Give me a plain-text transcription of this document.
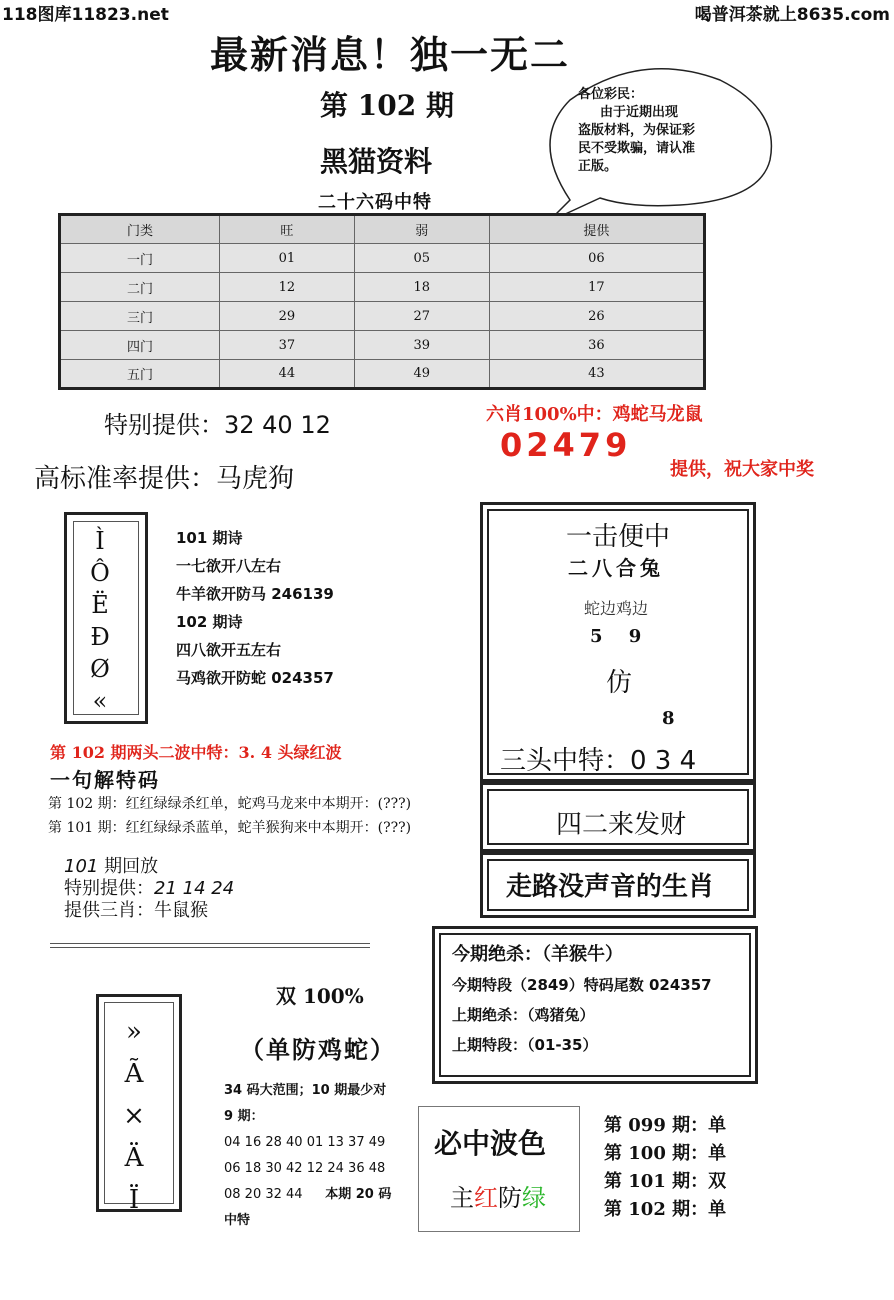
118图库11823.net	喝普洱茶就上8635.com
最新消息！独一无二
第 102 期
黑猫资料
二十六码中特
各位彩民：
由于近期出现
盗版材料，为保证彩
民不受欺骗，请认准
正版。
门类	旺	弱	提供
一门	01	05	06
二门	12	18	17
三门	29	27	26
四门	37	39	36
五门	44	49	43
特别提供：32 40 12	六肖100%中：鸡蛇马龙鼠
02479
提供，祝大家中奖
高标准率提供：马虎狗
Ì
Ô
Ë
Đ
Ø
«
101 期诗
一七欲开八左右
牛羊欲开防马 246139
102 期诗
四八欲开五左右
马鸡欲开防蛇 024357
第 102 期两头二波中特：3. 4 头绿红波
一句解特码
第 102 期：红红绿绿杀红单，蛇鸡马龙来中本期开：(???)
第 101 期：红红绿绿杀蓝单，蛇羊猴狗来中本期开：(???)
101 期回放
特别提供：21 14 24
提供三肖：牛鼠猴
一击便中
二八合兔
蛇边鸡边
5 9
仿
8
三头中特：0 3 4
四二来发财
走路没声音的生肖
今期绝杀：（羊猴牛）
今期特段（2849）特码尾数 024357
上期绝杀：（鸡猪兔）
上期特段：（01-35）
»
Ã
×
Ä
Ï
双 100%
（单防鸡蛇）
34 码大范围；10 期最少对
9 期：
04 16 28 40 01 13 37 49
06 18 30 42 12 24 36 48
08 20 32 44 本期 20 码
中特
必中波色
主红防绿
第 099 期：单
第 100 期：单
第 101 期：双
第 102 期：单
